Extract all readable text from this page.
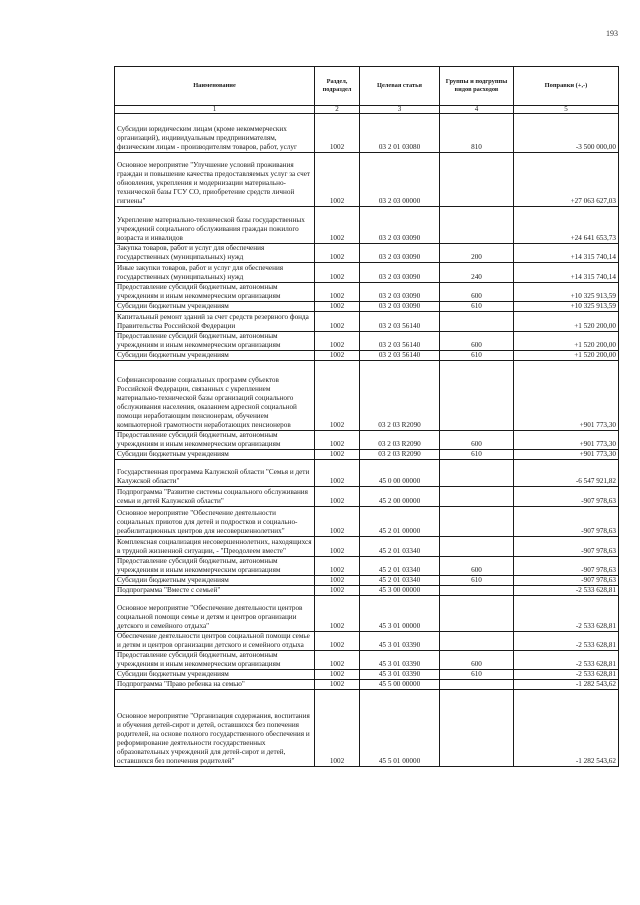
193
Наименование	Раздел, подраздел	Целевая статья	Группы и подгруппы видов расходов	Поправки (+,-)
1	2	3	4	5
Субсидии юридическим лицам (кроме некоммерческих организаций), индивидуальным предпринимателям, физическим лицам - производителям товаров, работ, услуг	1002	03 2 01 03080	810	-3 500 000,00
Основное мероприятие "Улучшение условий проживания граждан и повышение качества предоставляемых услуг за счет обновления, укрепления и модернизации материально-технической базы ГСУ СО, приобретение средств личной гигиены"	1002	03 2 03 00000		+27 063 627,03
Укрепление материально-технической базы государственных учреждений социального обслуживания граждан пожилого возраста и инвалидов	1002	03 2 03 03090		+24 641 653,73
Закупка товаров, работ и услуг для обеспечения государственных (муниципальных) нужд	1002	03 2 03 03090	200	+14 315 740,14
Иные закупки товаров, работ и услуг для обеспечения государственных (муниципальных) нужд	1002	03 2 03 03090	240	+14 315 740,14
Предоставление субсидий бюджетным, автономным учреждениям и иным некоммерческим организациям	1002	03 2 03 03090	600	+10 325 913,59
Субсидии бюджетным учреждениям	1002	03 2 03 03090	610	+10 325 913,59
Капитальный ремонт зданий за счет средств резервного фонда Правительства Российской Федерации	1002	03 2 03 56140		+1 520 200,00
Предоставление субсидий бюджетным, автономным учреждениям и иным некоммерческим организациям	1002	03 2 03 56140	600	+1 520 200,00
Субсидии бюджетным учреждениям	1002	03 2 03 56140	610	+1 520 200,00
Софинансирование социальных программ субъектов Российской Федерации, связанных с укреплением материально-технической базы организаций социального обслуживания населения, оказанием адресной социальной помощи неработающим пенсионерам, обучением компьютерной грамотности неработающих пенсионеров	1002	03 2 03 R2090		+901 773,30
Предоставление субсидий бюджетным, автономным учреждениям и иным некоммерческим организациям	1002	03 2 03 R2090	600	+901 773,30
Субсидии бюджетным учреждениям	1002	03 2 03 R2090	610	+901 773,30
Государственная программа Калужской области "Семья и дети Калужской области"	1002	45 0 00 00000		-6 547 921,82
Подпрограмма "Развитие системы социального обслуживания семьи и детей Калужской области"	1002	45 2 00 00000		-907 978,63
Основное мероприятие "Обеспечение деятельности социальных приютов для детей и подростков и социально-реабилитационных центров для несовершеннолетних"	1002	45 2 01 00000		-907 978,63
Комплексная социализация несовершеннолетних, находящихся в трудной жизненной ситуации, - "Преодолеем вместе"	1002	45 2 01 03340		-907 978,63
Предоставление субсидий бюджетным, автономным учреждениям и иным некоммерческим организациям	1002	45 2 01 03340	600	-907 978,63
Субсидии бюджетным учреждениям	1002	45 2 01 03340	610	-907 978,63
Подпрограмма "Вместе с семьей"	1002	45 3 00 00000		-2 533 628,81
Основное мероприятие "Обеспечение деятельности центров социальной помощи семье и детям и центров организации детского и семейного отдыха"	1002	45 3 01 00000		-2 533 628,81
Обеспечение деятельности центров социальной помощи семье и детям и центров организации детского и семейного отдыха	1002	45 3 01 03390		-2 533 628,81
Предоставление субсидий бюджетным, автономным учреждениям и иным некоммерческим организациям	1002	45 3 01 03390	600	-2 533 628,81
Субсидии бюджетным учреждениям	1002	45 3 01 03390	610	-2 533 628,81
Подпрограмма "Право ребенка на семью"	1002	45 5 00 00000		-1 282 543,62
Основное мероприятие "Организация содержания, воспитания и обучения детей-сирот и детей, оставшихся без попечения родителей, на основе полного государственного обеспечения и реформирование деятельности государственных образовательных учреждений для детей-сирот и детей, оставшихся без попечения родителей"	1002	45 5 01 00000		-1 282 543,62
